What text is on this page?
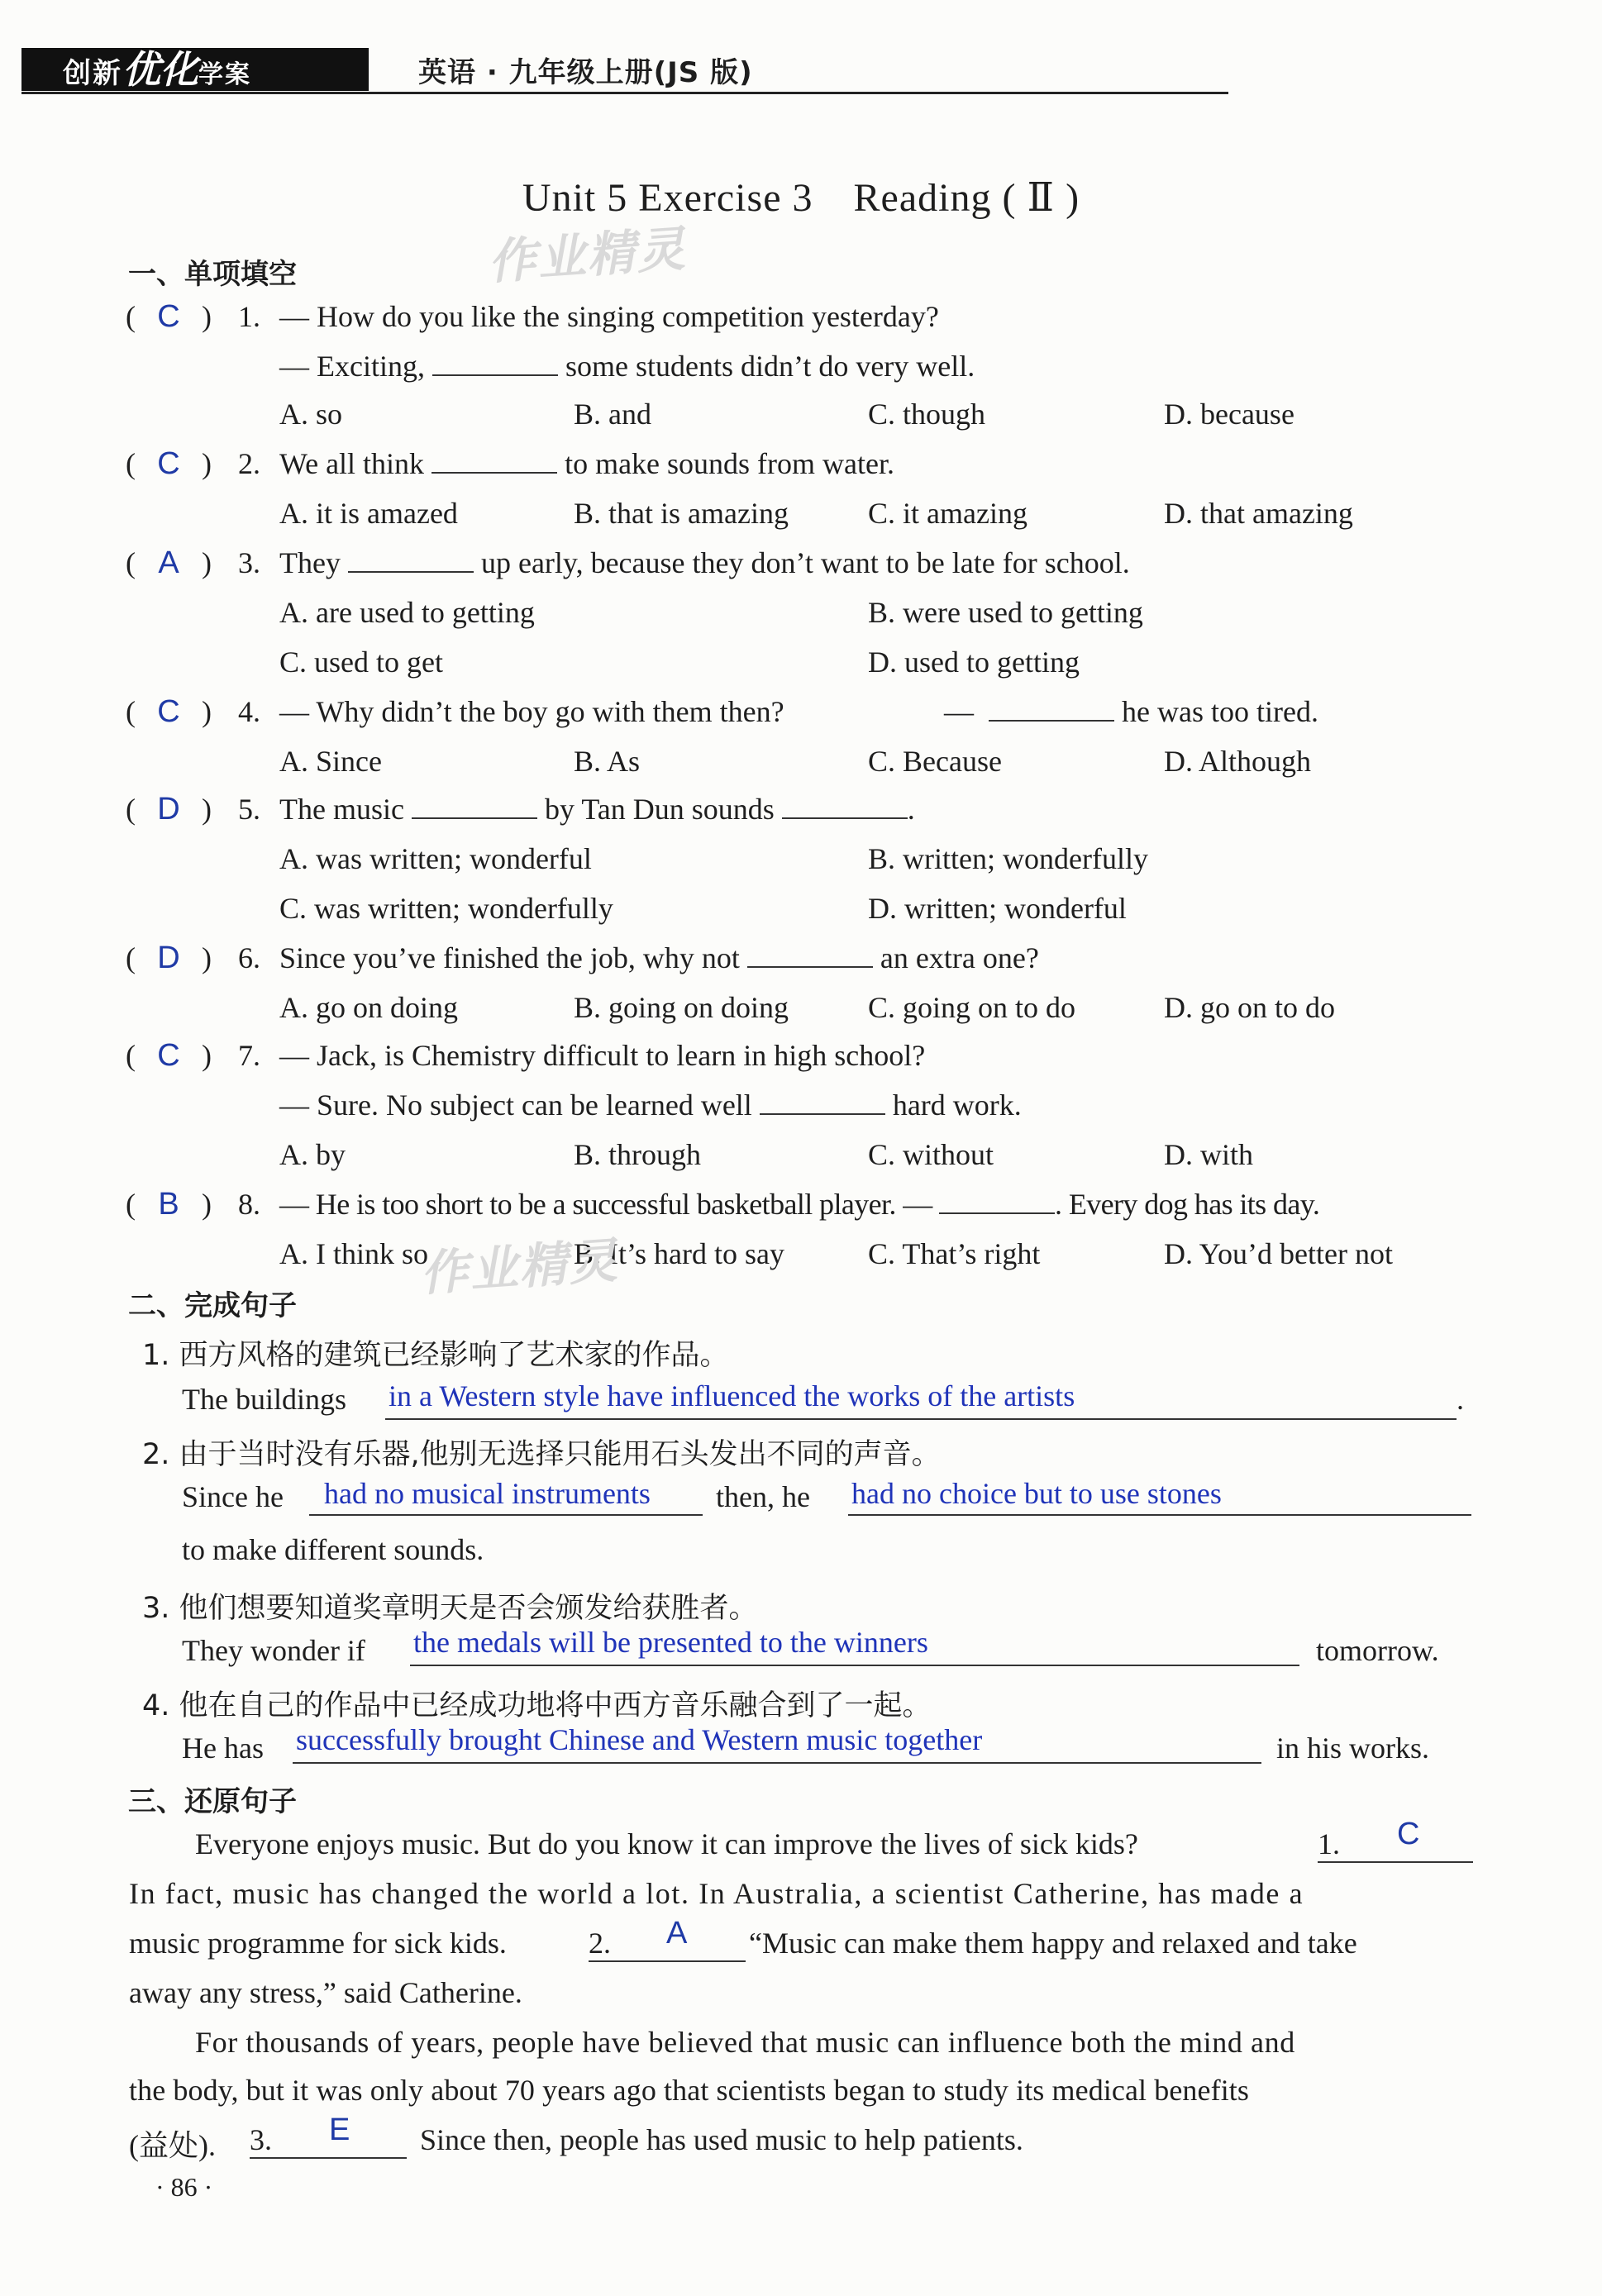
创新优化学案	英语 · 九年级上册(JS 版)
Unit 5 Exercise 3　Reading ( Ⅱ )
作业精灵
一、单项填空
( C ) 1. — How do you like the singing competition yesterday?
— Exciting,	some students didn’t do very well.
A. so	B. and	C. though	D. because
( C ) 2. We all think	to make sounds from water.
A. it is amazed	B. that is amazing	C. it amazing	D. that amazing
( A ) 3. They	up early, because they don’t want to be late for school.
A. are used to getting	B. were used to getting
C. used to get	D. used to getting
( C ) 4. — Why didn’t the boy go with them then?	—	he was too tired.
A. Since	B. As	C. Because	D. Although
( D ) 5. The music	by Tan Dun sounds	.
A. was written; wonderful	B. written; wonderfully
C. was written; wonderfully	D. written; wonderful
( D ) 6. Since you’ve finished the job, why not	an extra one?
A. go on doing	B. going on doing	C. going on to do	D. go on to do
( C ) 7. — Jack, is Chemistry difficult to learn in high school?
— Sure. No subject can be learned well	hard work.
A. by	B. through	C. without	D. with
( B ) 8. — He is too short to be a successful basketball player. —	. Every dog has its day.
A. I think so	B. It’s hard to say	C. That’s right	D. You’d better not
作业精灵
二、完成句子
1. 西方风格的建筑已经影响了艺术家的作品。
The buildings in a Western style have influenced the works of the artists	.
2. 由于当时没有乐器,他别无选择只能用石头发出不同的声音。
Since he had no musical instruments then, he had no choice but to use stones
to make different sounds.
3. 他们想要知道奖章明天是否会颁发给获胜者。
They wonder if the medals will be presented to the winners	tomorrow.
4. 他在自己的作品中已经成功地将中西方音乐融合到了一起。
He has successfully brought Chinese and Western music together	in his works.
三、还原句子
Everyone enjoys music. But do you know it can improve the lives of sick kids?	1. C
In fact, music has changed the world a lot. In Australia, a scientist Catherine, has made a
music programme for sick kids.	2. A “Music can make them happy and relaxed and take
away any stress,” said Catherine.
For thousands of years, people have believed that music can influence both the mind and
the body, but it was only about 70 years ago that scientists began to study its medical benefits
(益处). 3. E Since then, people has used music to help patients.
· 86 ·
